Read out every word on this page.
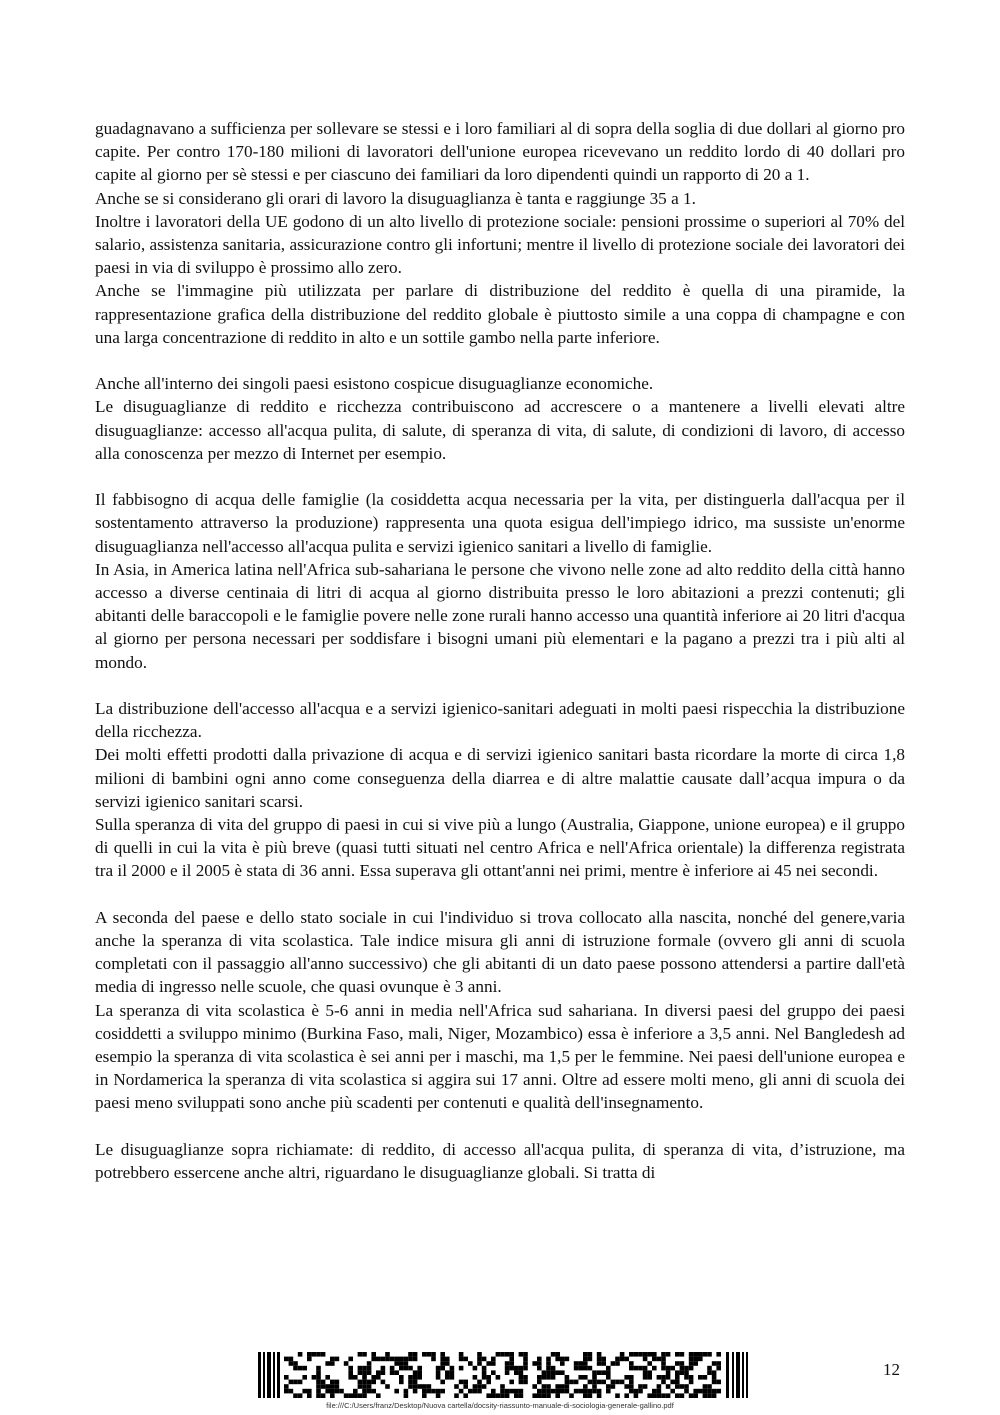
guadagnavano a sufficienza per sollevare se stessi e i loro familiari al di sopra della soglia di due dollari al giorno pro capite. Per contro 170-180 milioni di lavoratori dell'unione europea ricevevano un reddito lordo di 40 dollari pro capite al giorno per sè stessi e per ciascuno dei familiari da loro dipendenti quindi un rapporto di 20 a 1.

Anche se si considerano gli orari di lavoro la disuguaglianza è tanta e raggiunge 35 a 1.

Inoltre i lavoratori della UE godono di un alto livello di protezione sociale: pensioni prossime o superiori al 70% del salario, assistenza sanitaria, assicurazione contro gli infortuni; mentre il livello di protezione sociale dei lavoratori dei paesi in via di sviluppo è prossimo allo zero.

Anche se l'immagine più utilizzata per parlare di distribuzione del reddito è quella di una piramide, la rappresentazione grafica della distribuzione del reddito globale è piuttosto simile a una coppa di champagne e con una larga concentrazione di reddito in alto e un sottile gambo nella parte inferiore.

Anche all'interno dei singoli paesi esistono cospicue disuguaglianze economiche.

Le disuguaglianze di reddito e ricchezza contribuiscono ad accrescere o a mantenere a livelli elevati altre disuguaglianze: accesso all'acqua pulita, di salute, di speranza di vita, di salute, di condizioni di lavoro, di accesso alla conoscenza per mezzo di Internet per esempio.

Il fabbisogno di acqua delle famiglie (la cosiddetta acqua necessaria per la vita, per distinguerla dall'acqua per il sostentamento attraverso la produzione) rappresenta una quota esigua dell'impiego idrico, ma sussiste un'enorme disuguaglianza nell'accesso all'acqua pulita e servizi igienico sanitari a livello di famiglie.

In Asia, in America latina nell'Africa sub-sahariana le persone che vivono nelle zone ad alto reddito della città hanno accesso a diverse centinaia di litri di acqua al giorno distribuita presso le loro abitazioni a prezzi contenuti; gli abitanti delle baraccopoli e le famiglie povere nelle zone rurali hanno accesso una quantità inferiore ai 20 litri d'acqua al giorno per persona necessari per soddisfare i bisogni umani più elementari e la pagano a prezzi tra i più alti al mondo.

La distribuzione dell'accesso all'acqua e a servizi igienico-sanitari adeguati in molti paesi rispecchia la distribuzione della ricchezza.

Dei molti effetti prodotti dalla privazione di acqua e di servizi igienico sanitari basta ricordare la morte di circa 1,8 milioni di bambini ogni anno come conseguenza della diarrea e di altre malattie causate dall’acqua impura o da servizi igienico sanitari scarsi.

Sulla speranza di vita del gruppo di paesi in cui si vive più a lungo (Australia, Giappone, unione europea) e il gruppo di quelli in cui la vita è più breve (quasi tutti situati nel centro Africa e nell'Africa orientale) la differenza registrata tra il 2000 e il 2005 è stata di 36 anni. Essa superava gli ottant'anni nei primi, mentre è inferiore ai 45 nei secondi.

A seconda del paese e dello stato sociale in cui l'individuo si trova collocato alla nascita, nonché del genere,varia anche la speranza di vita scolastica. Tale indice misura gli anni di istruzione formale (ovvero gli anni di scuola completati con il passaggio all'anno successivo) che gli abitanti di un dato paese possono attendersi a partire dall'età media di ingresso nelle scuole, che quasi ovunque è 3 anni.

La speranza di vita scolastica è 5-6 anni in media nell'Africa sud sahariana. In diversi paesi del gruppo dei paesi cosiddetti a sviluppo minimo (Burkina Faso, mali, Niger, Mozambico) essa è inferiore a 3,5 anni. Nel Bangledesh ad esempio la speranza di vita scolastica è sei anni per i maschi, ma 1,5 per le femmine. Nei paesi dell'unione europea e in Nordamerica la speranza di vita scolastica si aggira sui 17 anni. Oltre ad essere molti meno, gli anni di scuola dei paesi meno sviluppati sono anche più scadenti per contenuti e qualità dell'insegnamento.

Le disuguaglianze sopra richiamate: di reddito, di accesso all'acqua pulita, di speranza di vita, d’istruzione, ma potrebbero essercene anche altri, riguardano le disuguaglianze globali. Si tratta di

12
file:///C:/Users/franz/Desktop/Nuova cartella/docsity-riassunto-manuale-di-sociologia-generale-gallino.pdf
